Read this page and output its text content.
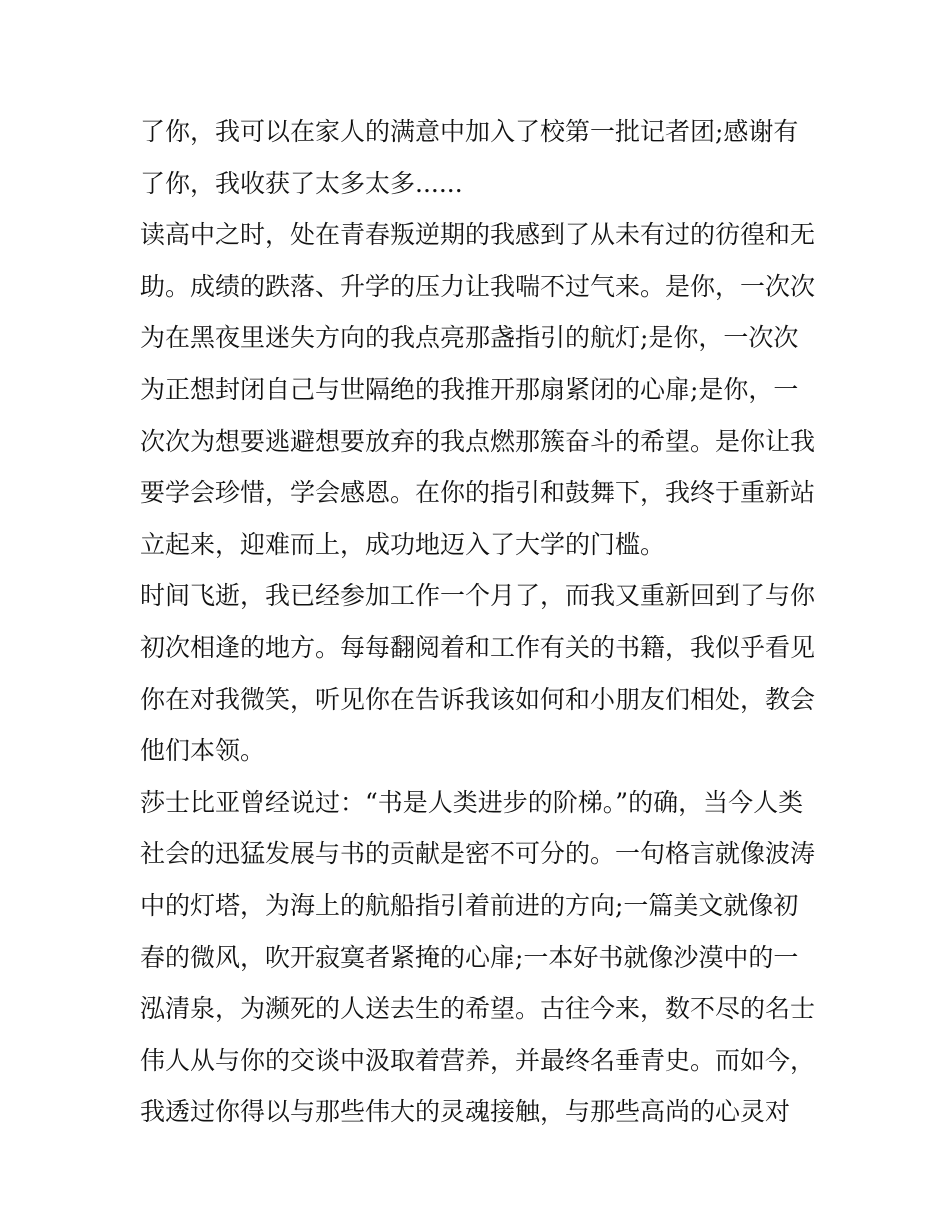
了你，我可以在家人的满意中加入了校第一批记者团;感谢有
了你，我收获了太多太多......
读高中之时，处在青春叛逆期的我感到了从未有过的彷徨和无
助。成绩的跌落、升学的压力让我喘不过气来。是你，一次次
为在黑夜里迷失方向的我点亮那盏指引的航灯;是你，一次次
为正想封闭自己与世隔绝的我推开那扇紧闭的心扉;是你，一
次次为想要逃避想要放弃的我点燃那簇奋斗的希望。是你让我
要学会珍惜，学会感恩。在你的指引和鼓舞下，我终于重新站
立起来，迎难而上，成功地迈入了大学的门槛。
时间飞逝，我已经参加工作一个月了，而我又重新回到了与你
初次相逢的地方。每每翻阅着和工作有关的书籍，我似乎看见
你在对我微笑，听见你在告诉我该如何和小朋友们相处，教会
他们本领。
莎士比亚曾经说过：“书是人类进步的阶梯。”的确，当今人类
社会的迅猛发展与书的贡献是密不可分的。一句格言就像波涛
中的灯塔，为海上的航船指引着前进的方向;一篇美文就像初
春的微风，吹开寂寞者紧掩的心扉;一本好书就像沙漠中的一
泓清泉，为濒死的人送去生的希望。古往今来，数不尽的名士
伟人从与你的交谈中汲取着营养，并最终名垂青史。而如今，
我透过你得以与那些伟大的灵魂接触，与那些高尚的心灵对
